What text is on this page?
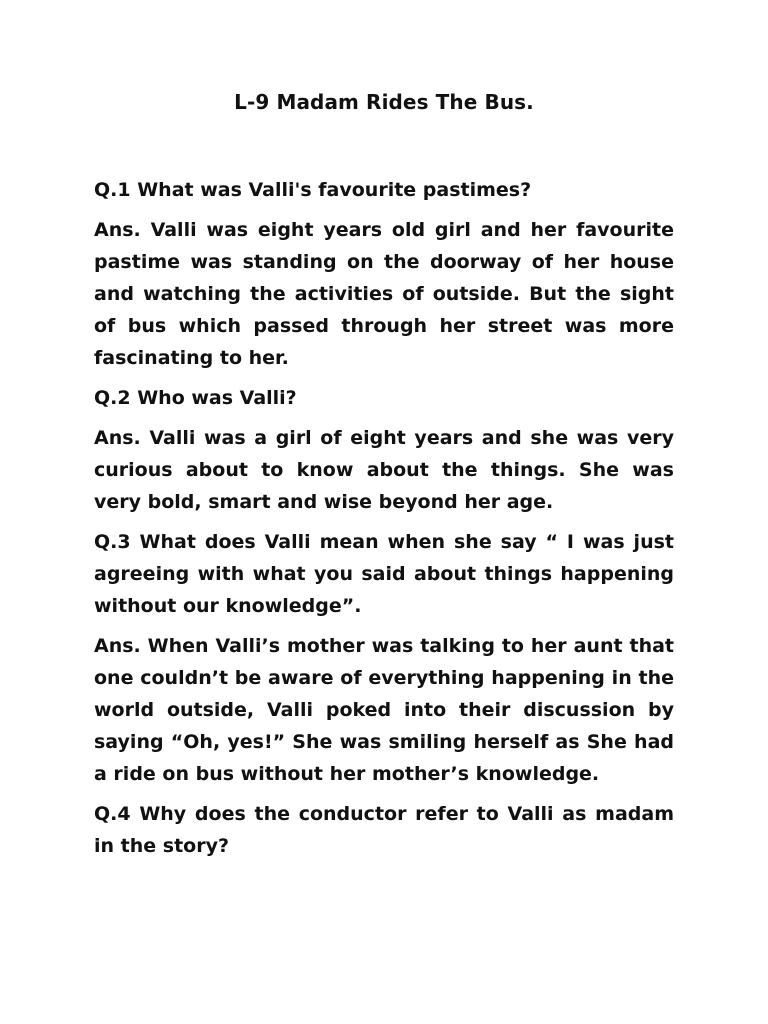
L-9 Madam Rides The Bus.
Q.1 What was Valli's favourite pastimes?
Ans. Valli was eight years old girl and her favourite pastime was standing on the doorway of her house and watching the activities of outside. But the sight of bus which passed through her street was more fascinating to her.
Q.2 Who was Valli?
Ans. Valli was a girl of eight years and she was very curious about to know about the things. She was very bold, smart and wise beyond her age.
Q.3 What does Valli mean when she say “ I was just agreeing with what you said about things happening without our knowledge”.
Ans. When Valli’s mother was talking to her aunt that one couldn’t be aware of everything happening in the world outside, Valli poked into their discussion by saying “Oh, yes!” She was smiling herself as She had a ride on bus without her mother’s knowledge.
Q.4 Why does the conductor refer to Valli as madam in the story?
